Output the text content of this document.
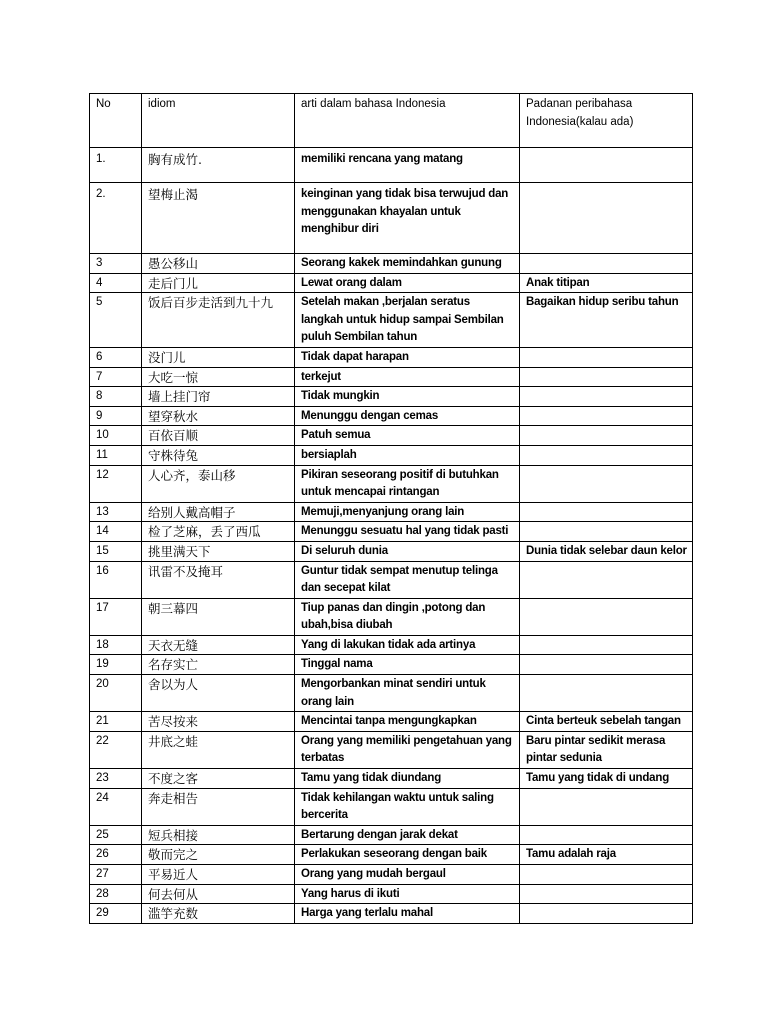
No	idiom	arti dalam bahasa Indonesia	Padanan peribahasa Indonesia(kalau ada)
1.	胸有成竹.	memiliki rencana yang matang	
2.	望梅止渴	keinginan yang tidak bisa terwujud dan menggunakan khayalan untuk menghibur diri	
3	愚公移山	Seorang kakek memindahkan gunung	
4	走后门儿	Lewat orang dalam	Anak titipan
5	饭后百步走活到九十九	Setelah makan ,berjalan seratus langkah untuk hidup sampai Sembilan puluh Sembilan tahun	Bagaikan hidup seribu tahun
6	没门儿	Tidak dapat harapan	
7	大吃一惊	terkejut	
8	墙上挂门帘	Tidak mungkin	
9	望穿秋水	Menunggu dengan cemas	
10	百依百顺	Patuh semua	
11	守株待兔	bersiaplah	
12	人心齐，泰山移	Pikiran seseorang positif di butuhkan untuk mencapai rintangan	
13	给别人戴高帽子	Memuji,menyanjung orang lain	
14	检了芝麻，丢了西瓜	Menunggu sesuatu hal yang tidak pasti	
15	挑里满天下	Di seluruh dunia	Dunia tidak selebar daun kelor
16	讯雷不及掩耳	Guntur tidak sempat menutup telinga dan secepat kilat	
17	朝三幕四	Tiup panas dan dingin ,potong dan ubah,bisa diubah	
18	天衣无缝	Yang di lakukan tidak ada artinya	
19	名存实亡	Tinggal nama	
20	舍以为人	Mengorbankan minat sendiri untuk orang lain	
21	苦尽按来	Mencintai tanpa mengungkapkan	Cinta berteuk sebelah tangan
22	井底之蛙	Orang yang memiliki pengetahuan yang terbatas	Baru pintar sedikit merasa pintar sedunia
23	不度之客	Tamu yang tidak diundang	Tamu yang tidak di undang
24	奔走相告	Tidak kehilangan waktu untuk saling bercerita	
25	短兵相接	Bertarung dengan jarak dekat	
26	敬而完之	Perlakukan seseorang dengan baik	Tamu adalah raja
27	平易近人	Orang yang mudah bergaul	
28	何去何从	Yang harus di ikuti	
29	滥竽充数	Harga yang terlalu mahal	
